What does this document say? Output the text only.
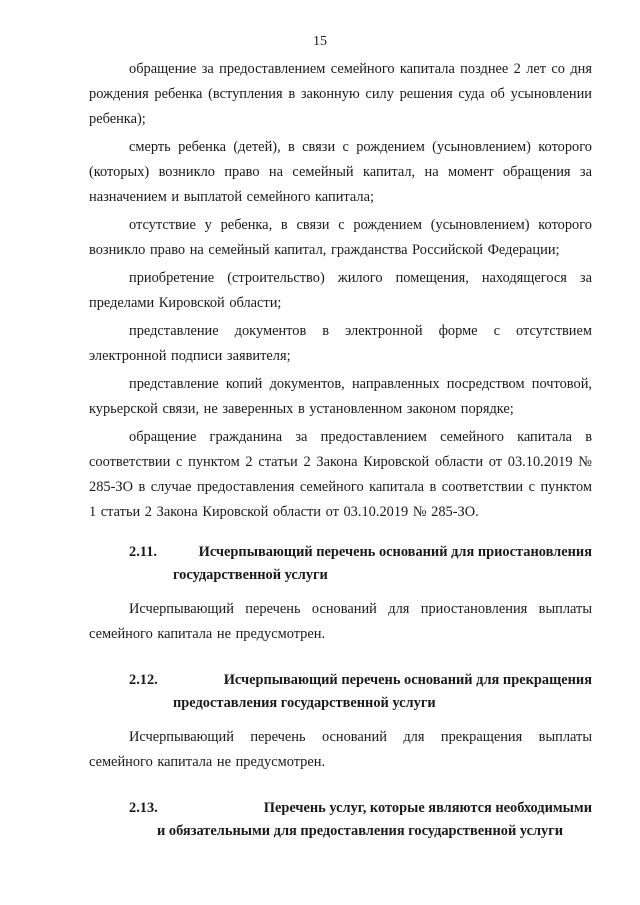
15

обращение за предоставлением семейного капитала позднее 2 лет со дня рождения ребенка (вступления в законную силу решения суда об усыновлении ребенка);

смерть ребенка (детей), в связи с рождением (усыновлением) которого (которых) возникло право на семейный капитал, на момент обращения за назначением и выплатой семейного капитала;

отсутствие у ребенка, в связи с рождением (усыновлением) которого возникло право на семейный капитал, гражданства Российской Федерации;

приобретение (строительство) жилого помещения, находящегося за пределами Кировской области;

представление документов в электронной форме с отсутствием электронной подписи заявителя;

представление копий документов, направленных посредством почтовой, курьерской связи, не заверенных в установленном законом порядке;

обращение гражданина за предоставлением семейного капитала в соответствии с пунктом 2 статьи 2 Закона Кировской области от 03.10.2019 № 285-ЗО в случае предоставления семейного капитала в соответствии с пунктом 1 статьи 2 Закона Кировской области от 03.10.2019 № 285-ЗО.

2.11.	Исчерпывающий перечень оснований для приостановления
государственной услуги

Исчерпывающий перечень оснований для приостановления выплаты семейного капитала не предусмотрен.

2.12.	Исчерпывающий перечень оснований для прекращения
предоставления государственной услуги

Исчерпывающий перечень оснований для прекращения выплаты семейного капитала не предусмотрен.

2.13.	Перечень услуг, которые являются необходимыми
и обязательными для предоставления государственной услуги
